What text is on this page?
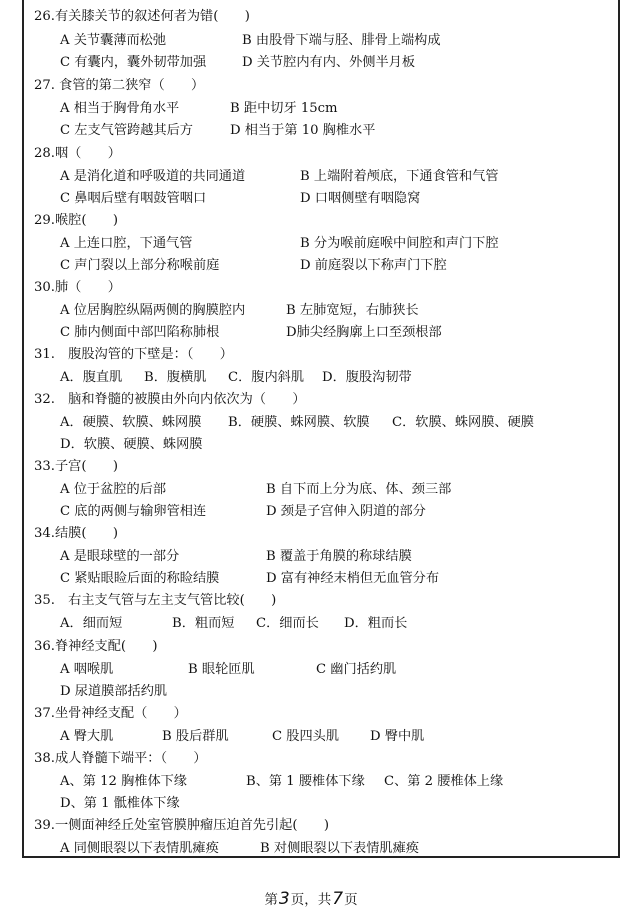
26.有关膝关节的叙述何者为错(　　)
A 关节囊薄而松弛	B 由股骨下端与胫、腓骨上端构成
C 有囊内，囊外韧带加强	D 关节腔内有内、外侧半月板
27. 食管的第二狭窄（　　）
A 相当于胸骨角水平	B 距中切牙 15cm
C 左支气管跨越其后方	D 相当于第 10 胸椎水平
28.咽（　　）
A 是消化道和呼吸道的共同通道	B 上端附着颅底，下通食管和气管
C 鼻咽后壁有咽鼓管咽口	D 口咽侧壁有咽隐窝
29.喉腔(　　)
A 上连口腔，下通气管	B 分为喉前庭喉中间腔和声门下腔
C 声门裂以上部分称喉前庭	D 前庭裂以下称声门下腔
30.肺（　　）
A 位居胸腔纵隔两侧的胸膜腔内	B 左肺宽短，右肺狭长
C 肺内侧面中部凹陷称肺根	D肺尖经胸廓上口至颈根部
31.　腹股沟管的下壁是：（　　）
A．腹直肌 B．腹横肌 C．腹内斜肌 D．腹股沟韧带
32.　脑和脊髓的被膜由外向内依次为（　　）
A．硬膜、软膜、蛛网膜 B．硬膜、蛛网膜、软膜 C．软膜、蛛网膜、硬膜
D．软膜、硬膜、蛛网膜
33.子宫(　　)
A 位于盆腔的后部	B 自下而上分为底、体、颈三部
C 底的两侧与输卵管相连	D 颈是子宫伸入阴道的部分
34.结膜(　　)
A 是眼球壁的一部分	B 覆盖于角膜的称球结膜
C 紧贴眼睑后面的称睑结膜	D 富有神经末梢但无血管分布
35.　右主支气管与左主支气管比较(　　)
A．细而短	B．粗而短 C．细而长 D．粗而长
36.脊神经支配(　　)
A 咽喉肌	B 眼轮匝肌	C 幽门括约肌
D 尿道膜部括约肌
37.坐骨神经支配（　　）
A 臀大肌	B 股后群肌	C 股四头肌 D 臀中肌
38.成人脊髓下端平：（　　）
A、第 12 胸椎体下缘	B、第 1 腰椎体下缘 C、第 2 腰椎体上缘
D、第 1 骶椎体下缘
39.一侧面神经丘处室管膜肿瘤压迫首先引起(　　)
A 同侧眼裂以下表情肌瘫痪	B 对侧眼裂以下表情肌瘫痪
第3页，共7页
